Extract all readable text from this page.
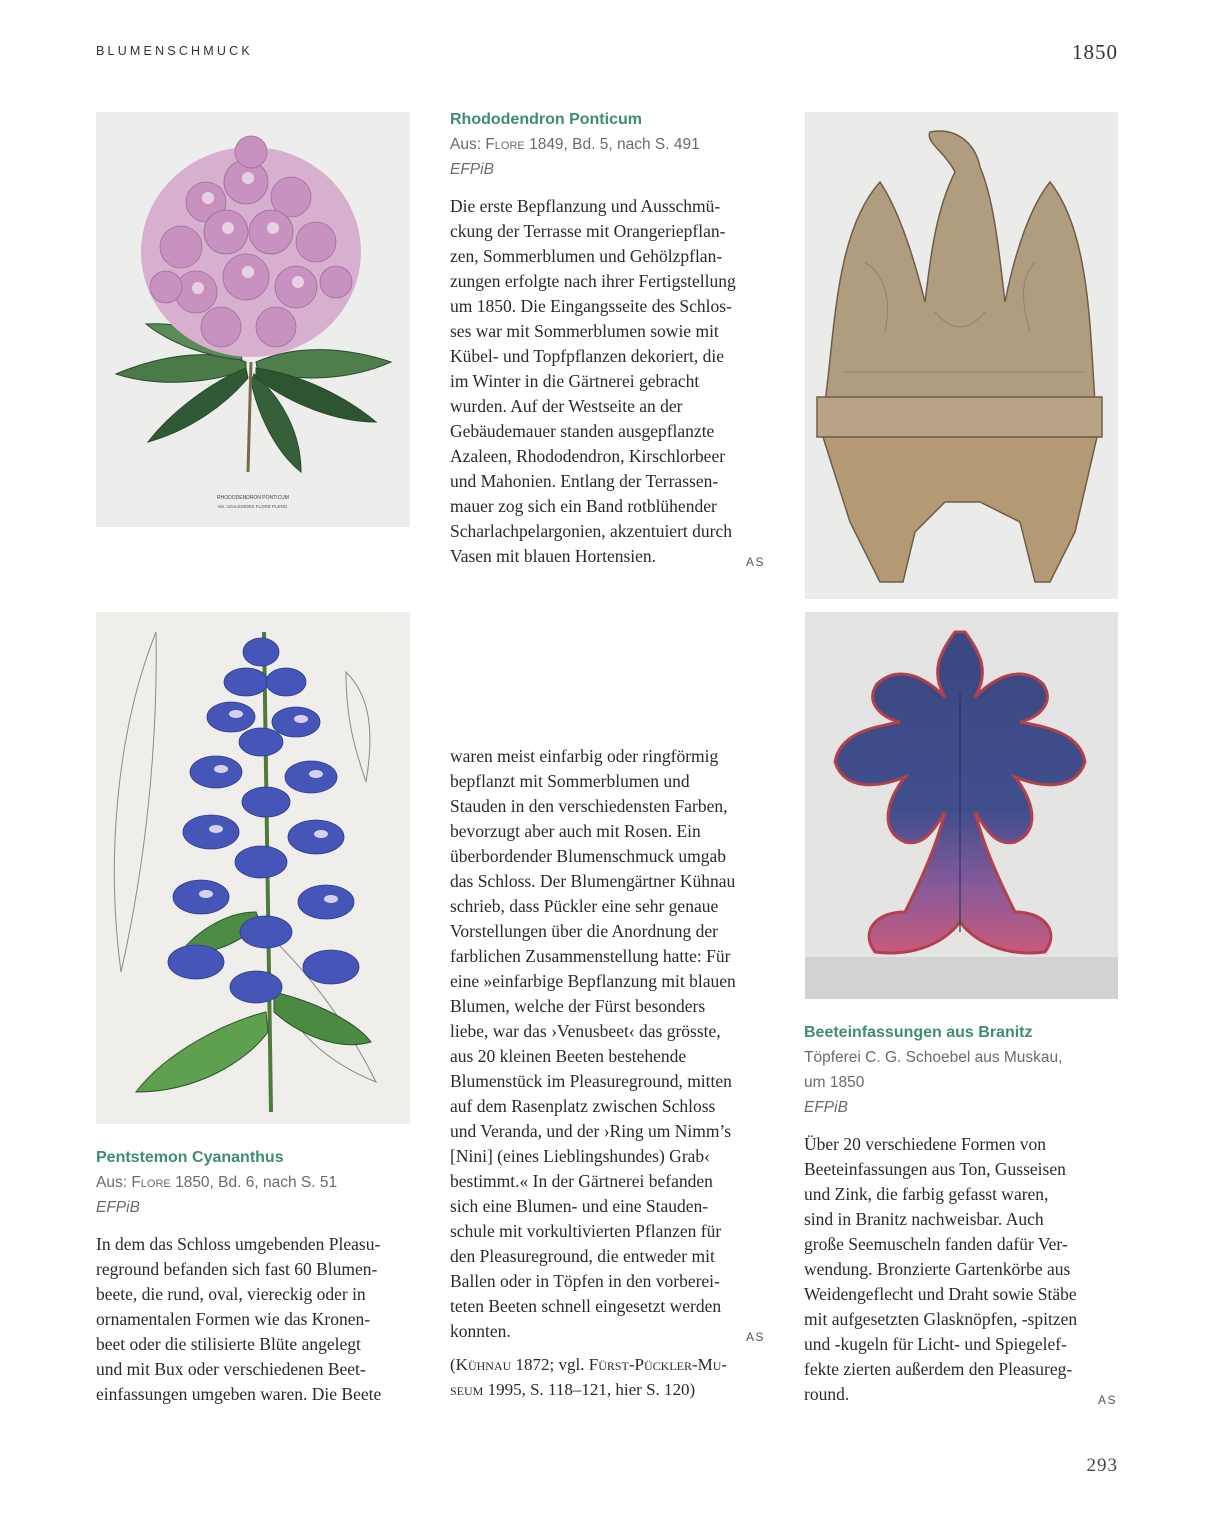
BLUMENSCHMUCK	1850
RHODODENDRON PONTICUM
Var. AZALEOIDES FLORE PLENO.
Rhododendron Ponticum
Aus: Flore 1849, Bd. 5, nach S. 491
EFPiB

Die erste Bepflanzung und Ausschmü-
ckung der Terrasse mit Orangeriepflan-
zen, Sommerblumen und Gehölzpflan-
zungen erfolgte nach ihrer Fertigstellung
um 1850. Die Eingangsseite des Schlos-
ses war mit Sommerblumen sowie mit
Kübel- und Topfpflanzen dekoriert, die
im Winter in die Gärtnerei gebracht
wurden. Auf der Westseite an der
Gebäudemauer standen ausgepflanzte
Azaleen, Rhododendron, Kirschlorbeer
und Mahonien. Entlang der Terrassen-
mauer zog sich ein Band rotblühender
Scharlachpelargonien, akzentuiert durch
Vasen mit blauen Hortensien.	AS
Pentstemon Cyananthus
Aus: Flore 1850, Bd. 6, nach S. 51
EFPiB

In dem das Schloss umgebenden Pleasu-
reground befanden sich fast 60 Blumen-
beete, die rund, oval, viereckig oder in
ornamentalen Formen wie das Kronen-
beet oder die stilisierte Blüte angelegt
und mit Bux oder verschiedenen Beet-
einfassungen umgeben waren. Die Beete

waren meist einfarbig oder ringförmig
bepflanzt mit Sommerblumen und
Stauden in den verschiedensten Farben,
bevorzugt aber auch mit Rosen. Ein
überbordender Blumenschmuck umgab
das Schloss. Der Blumengärtner Kühnau
schrieb, dass Pückler eine sehr genaue
Vorstellungen über die Anordnung der
farblichen Zusammenstellung hatte: Für
eine »einfarbige Bepflanzung mit blauen
Blumen, welche der Fürst besonders
liebe, war das ›Venusbeet‹ das grösste,
aus 20 kleinen Beeten bestehende
Blumenstück im Pleasureground, mitten
auf dem Rasenplatz zwischen Schloss
und Veranda, und der ›Ring um Nimm’s
[Nini] (eines Lieblingshundes) Grab‹
bestimmt.« In der Gärtnerei befanden
sich eine Blumen- und eine Stauden-
schule mit vorkultivierten Pflanzen für
den Pleasureground, die entweder mit
Ballen oder in Töpfen in den vorberei-
teten Beeten schnell eingesetzt werden
konnten.	AS
(Kühnau 1872; vgl. Fürst-Pückler-Mu-
seum 1995, S. 118–121, hier S. 120)
Beeteinfassungen aus Branitz
Töpferei C. G. Schoebel aus Muskau,
um 1850
EFPiB

Über 20 verschiedene Formen von
Beeteinfassungen aus Ton, Gusseisen
und Zink, die farbig gefasst waren,
sind in Branitz nachweisbar. Auch
große Seemuscheln fanden dafür Ver-
wendung. Bronzierte Gartenkörbe aus
Weidengeflecht und Draht sowie Stäbe
mit aufgesetzten Glasknöpfen, -spitzen
und -kugeln für Licht- und Spiegelef-
fekte zierten außerdem den Pleasureg-
round.	AS
293
